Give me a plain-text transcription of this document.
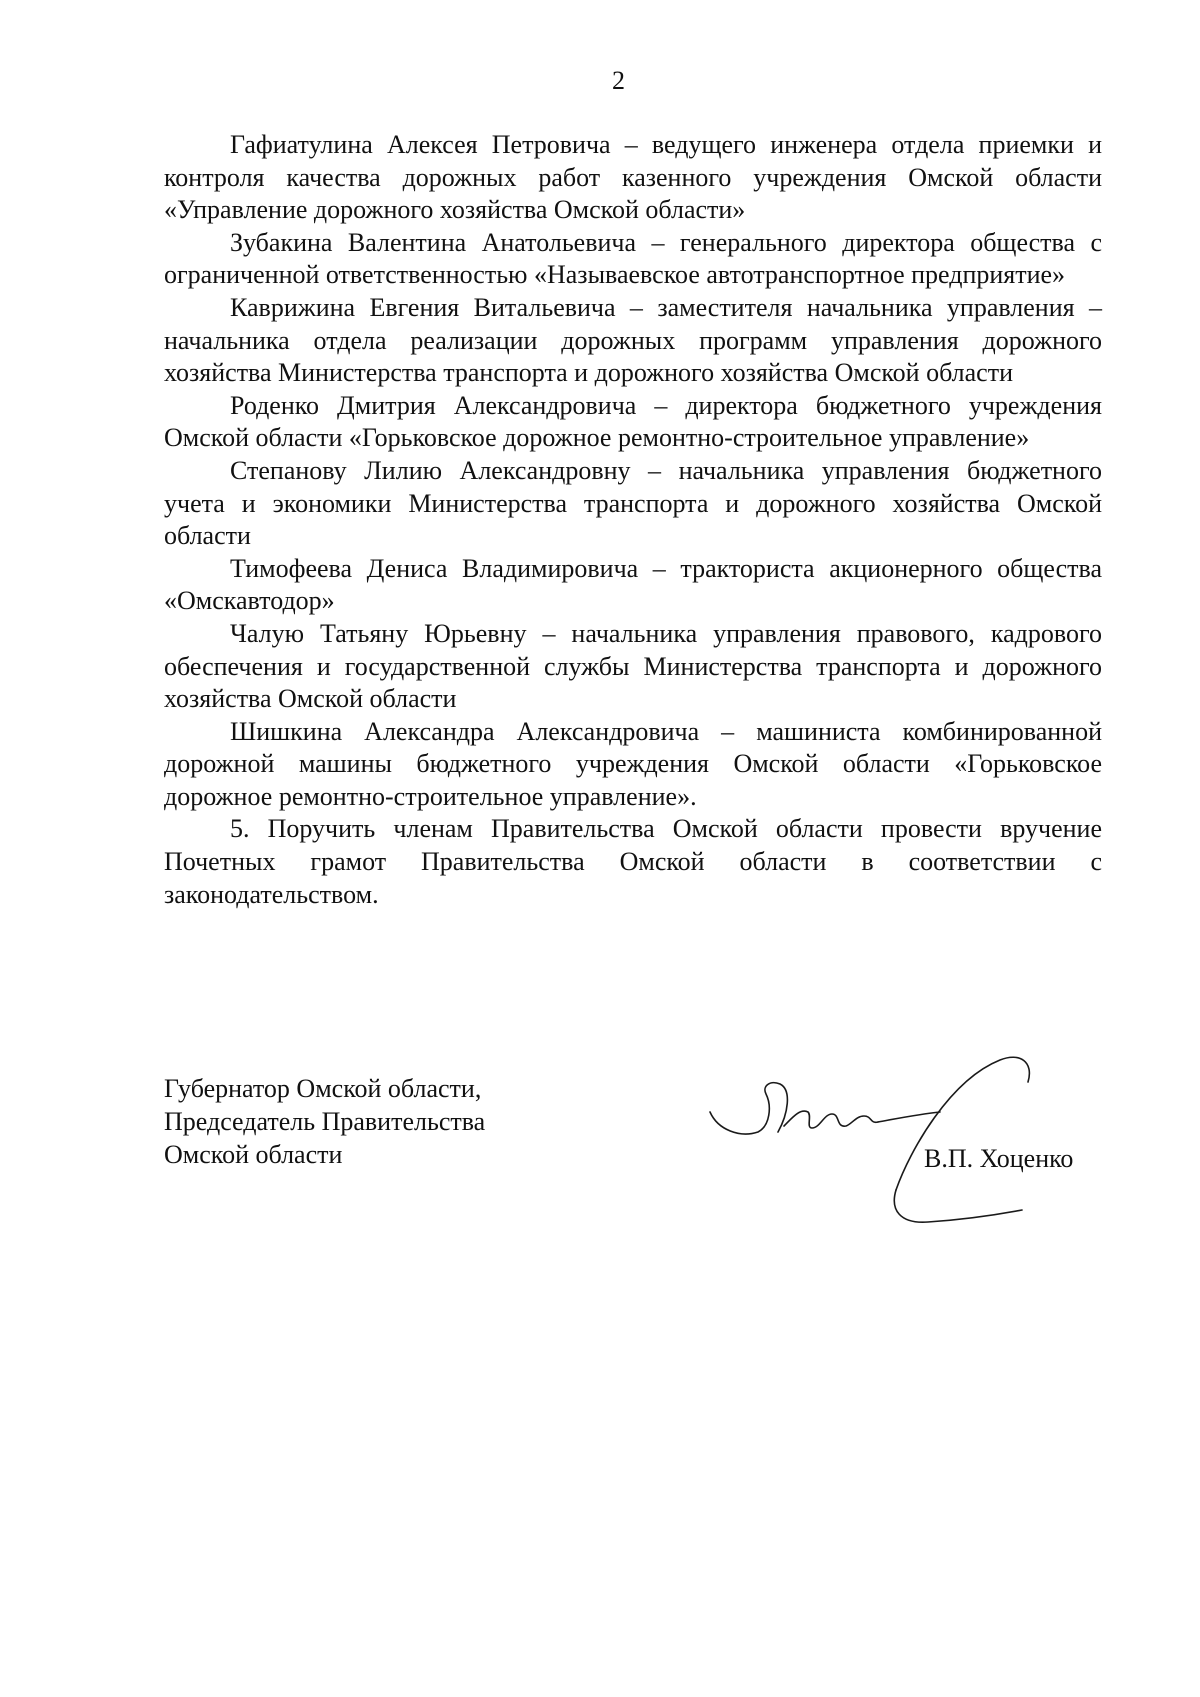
2

Гафиатулина Алексея Петровича – ведущего инженера отдела приемки и контроля качества дорожных работ казенного учреждения Омской области «Управление дорожного хозяйства Омской области»

Зубакина Валентина Анатольевича – генерального директора общества с ограниченной ответственностью «Называевское автотранспортное предприятие»

Каврижина Евгения Витальевича – заместителя начальника управления – начальника отдела реализации дорожных программ управления дорожного хозяйства Министерства транспорта и дорожного хозяйства Омской области

Роденко Дмитрия Александровича – директора бюджетного учреждения Омской области «Горьковское дорожное ремонтно-строительное управление»

Степанову Лилию Александровну – начальника управления бюджетного учета и экономики Министерства транспорта и дорожного хозяйства Омской области

Тимофеева Дениса Владимировича – тракториста акционерного общества «Омскавтодор»

Чалую Татьяну Юрьевну – начальника управления правового, кадрового обеспечения и государственной службы Министерства транспорта и дорожного хозяйства Омской области

Шишкина Александра Александровича – машиниста комбинированной дорожной машины бюджетного учреждения Омской области «Горьковское дорожное ремонтно-строительное управление».

5. Поручить членам Правительства Омской области провести вручение Почетных грамот Правительства Омской области в соответствии с законодательством.

Губернатор Омской области,
Председатель Правительства
Омской области	В.П. Хоценко
